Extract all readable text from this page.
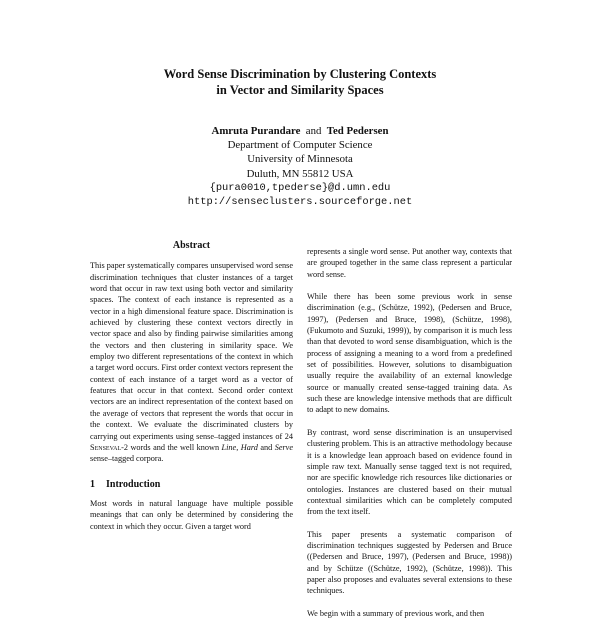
Word Sense Discrimination by Clustering Contexts
in Vector and Similarity Spaces
Amruta Purandare and Ted Pedersen
Department of Computer Science
University of Minnesota
Duluth, MN 55812 USA
{pura0010,tpederse}@d.umn.edu
http://senseclusters.sourceforge.net
Abstract

This paper systematically compares unsupervised word sense discrimination techniques that cluster instances of a target word that occur in raw text using both vector and similarity spaces. The context of each instance is represented as a vector in a high dimensional feature space. Discrimination is achieved by clustering these context vectors directly in vector space and also by finding pairwise similarities among the vectors and then clustering in similarity space. We employ two different representations of the context in which a target word occurs. First order context vectors represent the context of each instance of a target word as a vector of features that occur in that context. Second order context vectors are an indirect representation of the context based on the average of vectors that represent the words that occur in the context. We evaluate the discriminated clusters by carrying out experiments using sense–tagged instances of 24 Senseval-2 words and the well known Line, Hard and Serve sense–tagged corpora.

1 Introduction

Most words in natural language have multiple possible meanings that can only be determined by considering the context in which they occur. Given a target word

represents a single word sense. Put another way, contexts that are grouped together in the same class represent a particular word sense.

While there has been some previous work in sense discrimination (e.g., (Schütze, 1992), (Pedersen and Bruce, 1997), (Pedersen and Bruce, 1998), (Schütze, 1998), (Fukumoto and Suzuki, 1999)), by comparison it is much less than that devoted to word sense disambiguation, which is the process of assigning a meaning to a word from a predefined set of possibilities. However, solutions to disambiguation usually require the availability of an external knowledge source or manually created sense-tagged training data. As such these are knowledge intensive methods that are difficult to adapt to new domains.

By contrast, word sense discrimination is an unsupervised clustering problem. This is an attractive methodology because it is a knowledge lean approach based on evidence found in simple raw text. Manually sense tagged text is not required, nor are specific knowledge rich resources like dictionaries or ontologies. Instances are clustered based on their mutual contextual similarities which can be completely computed from the text itself.

This paper presents a systematic comparison of discrimination techniques suggested by Pedersen and Bruce ((Pedersen and Bruce, 1997), (Pedersen and Bruce, 1998)) and by Schütze ((Schütze, 1992), (Schütze, 1998)). This paper also proposes and evaluates several extensions to these techniques.

We begin with a summary of previous work, and then
